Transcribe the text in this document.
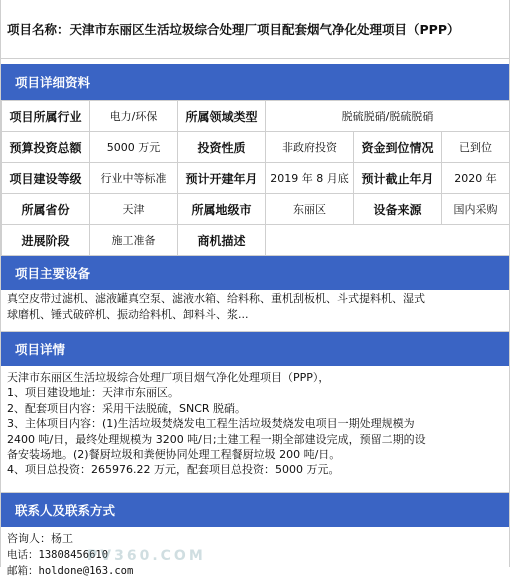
项目名称：天津市东丽区生活垃圾综合处理厂项目配套烟气净化处理项目（PPP）
项目详细资料
项目所属行业	电力/环保	所属领域类型	脱硫脱硝/脱硫脱硝		
预算投资总额	5000 万元	投资性质	非政府投资	资金到位情况	已到位
项目建设等级	行业中等标准	预计开建年月	2019 年 8 月底	预计截止年月	2020 年
所属省份	天津	所属地级市	东丽区	设备来源	国内采购
进展阶段	施工准备	商机描述			
项目主要设备
真空皮带过滤机、滤液罐真空泵、滤液水箱、给料称、重机刮板机、斗式提料机、湿式
球磨机、锤式破碎机、振动给料机、卸料斗、浆...
项目详情

天津市东丽区生活垃圾综合处理厂项目烟气净化处理项目（PPP），

1、项目建设地址：天津市东丽区。

2、配套项目内容：采用干法脱硫，SNCR 脱硝。

3、主体项目内容：(1)生活垃圾焚烧发电工程生活垃圾焚烧发电项目一期处理规模为

2400 吨/日，最终处理规模为 3200 吨/日;土建工程一期全部建设完成，预留二期的设

备安装场地。(2)餐厨垃圾和粪便协同处理工程餐厨垃圾 200 吨/日。

4、项目总投资：265976.22 万元，配套项目总投资：5000 万元。

联系人及联系方式

咨询人：杨工

电话：13808456610

邮箱：holdone@163.com

PV360.COM
